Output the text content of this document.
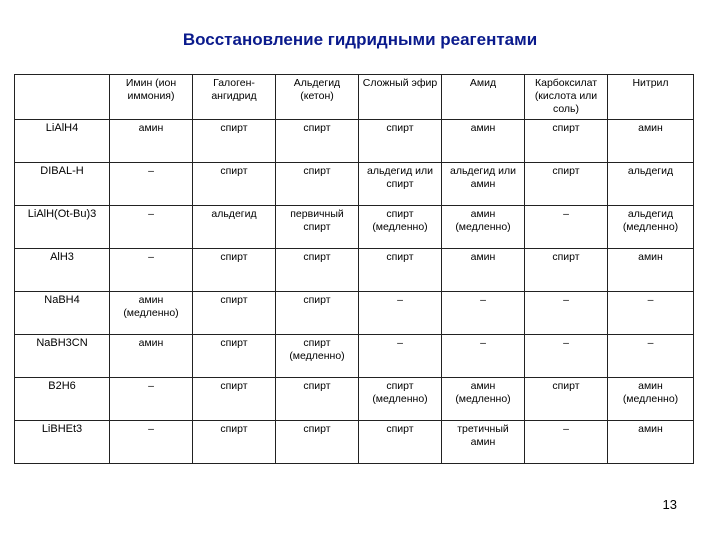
Восстановление гидридными реагентами
	Имин (ион иммония)	Галоген-ангидрид	Альдегид (кетон)	Сложный эфир	Амид	Карбоксилат (кислота или соль)	Нитрил
LiAlH4	амин	спирт	спирт	спирт	амин	спирт	амин
DIBAL-H	–	спирт	спирт	альдегид или спирт	альдегид или амин	спирт	альдегид
LiAlH(Ot-Bu)3	–	альдегид	первичный спирт	спирт (медленно)	амин (медленно)	–	альдегид (медленно)
AlH3	–	спирт	спирт	спирт	амин	спирт	амин
NaBH4	амин (медленно)	спирт	спирт	–	–	–	–
NaBH3CN	амин	спирт	спирт (медленно)	–	–	–	–
B2H6	–	спирт	спирт	спирт (медленно)	амин (медленно)	спирт	амин (медленно)
LiBHEt3	–	спирт	спирт	спирт	третичный амин	–	амин
13
